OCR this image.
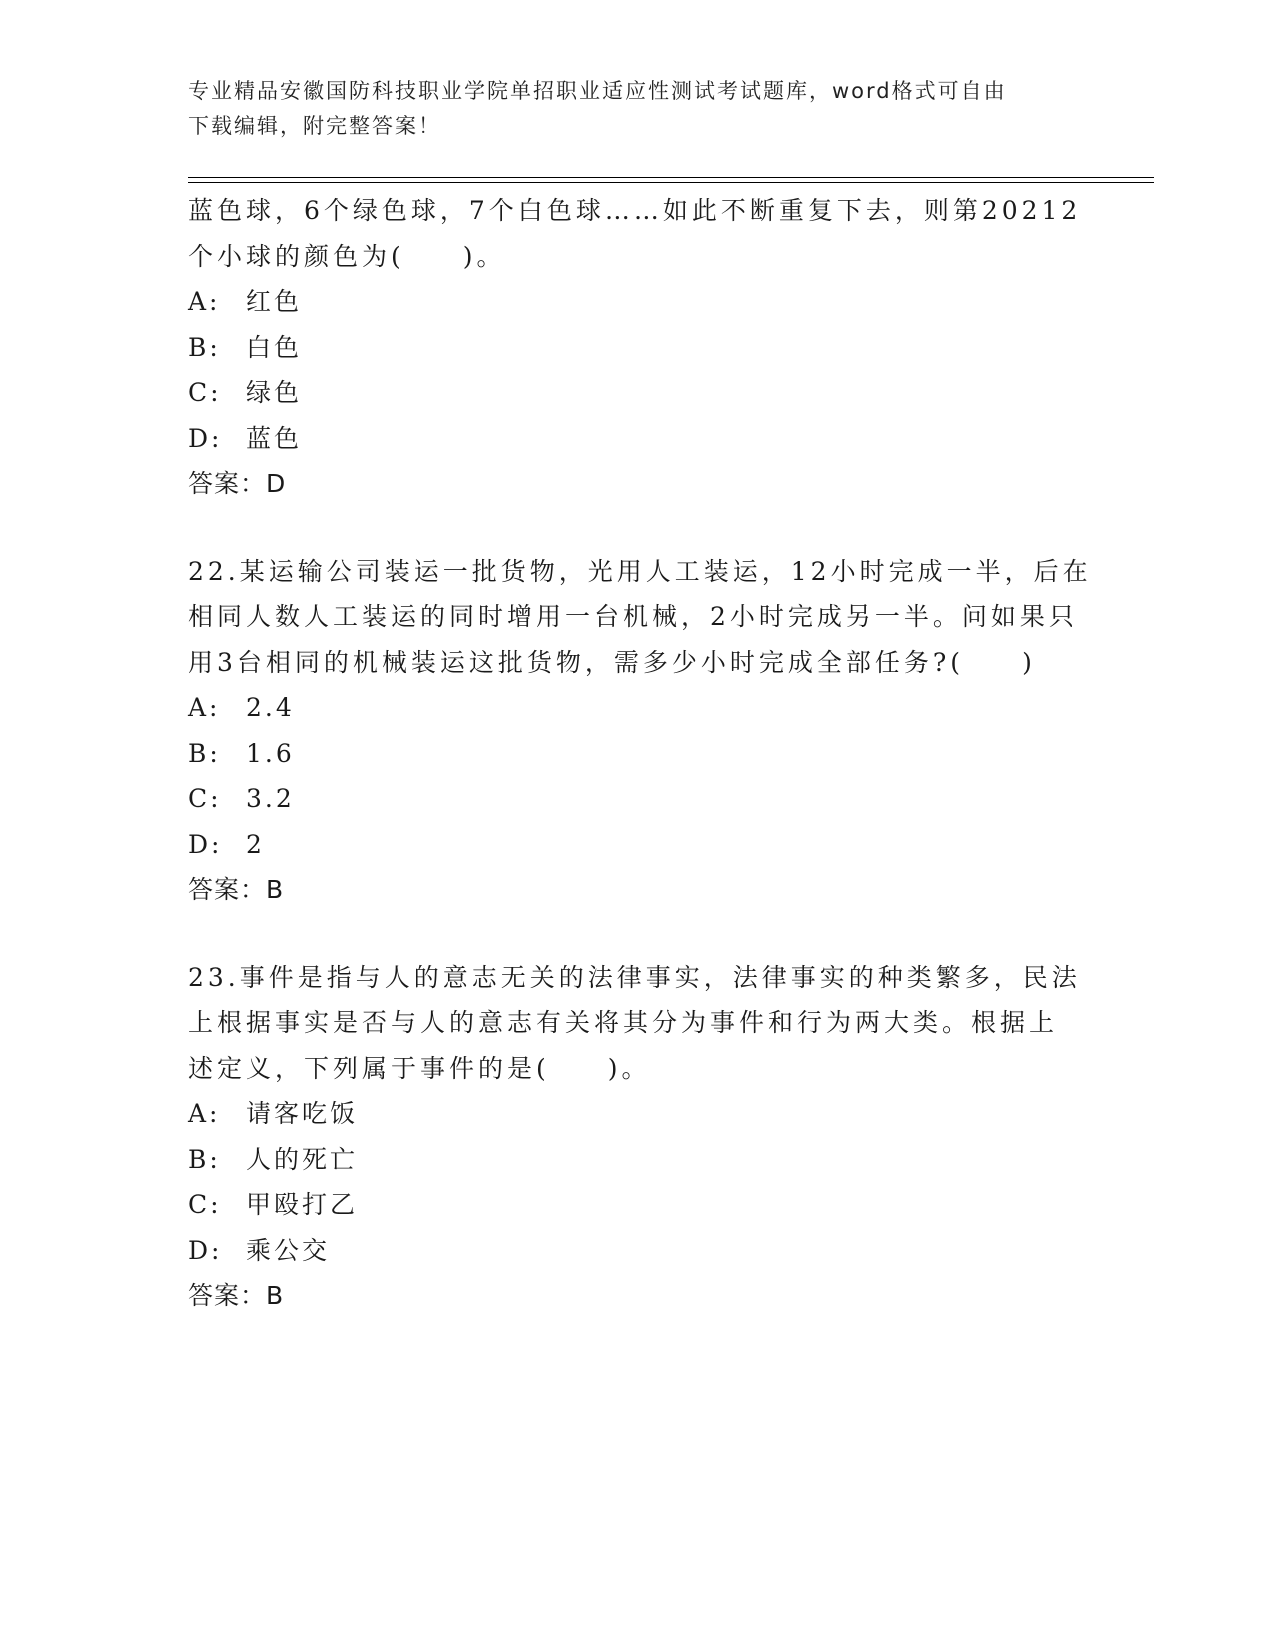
专业精品安徽国防科技职业学院单招职业适应性测试考试题库，word格式可自由
下载编辑，附完整答案！
蓝色球，6个绿色球，7个白色球……如此不断重复下去，则第20212
个小球的颜色为(　　)。
A:	红色
B:	白色
C: 绿色
D: 蓝色
答案：D
22.某运输公司装运一批货物，光用人工装运，12小时完成一半，后在
相同人数人工装运的同时增用一台机械，2小时完成另一半。问如果只
用3台相同的机械装运这批货物，需多少小时完成全部任务?(　　)
A:	2.4
B:	1.6
C: 3.2
D: 2
答案：B
23.事件是指与人的意志无关的法律事实，法律事实的种类繁多，民法
上根据事实是否与人的意志有关将其分为事件和行为两大类。根据上
述定义，下列属于事件的是(　　)。
A:	请客吃饭
B:	人的死亡
C: 甲殴打乙
D: 乘公交
答案：B
